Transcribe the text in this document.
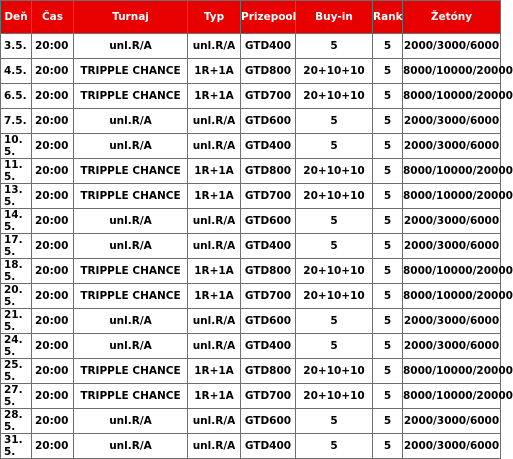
Deň	Čas	Turnaj	Typ	Prizepool	Buy-in	Rank	Žetóny
3.5.	20:00	unl.R/A	unl.R/A	GTD400	5	5	2000/3000/6000
4.5.	20:00	TRIPPLE CHANCE	1R+1A	GTD800	20+10+10	5	8000/10000/20000
6.5.	20:00	TRIPPLE CHANCE	1R+1A	GTD700	20+10+10	5	8000/10000/20000
7.5.	20:00	unl.R/A	unl.R/A	GTD600	5	5	2000/3000/6000
10.5.	20:00	unl.R/A	unl.R/A	GTD400	5	5	2000/3000/6000
11.5.	20:00	TRIPPLE CHANCE	1R+1A	GTD800	20+10+10	5	8000/10000/20000
13.5.	20:00	TRIPPLE CHANCE	1R+1A	GTD700	20+10+10	5	8000/10000/20000
14.5.	20:00	unl.R/A	unl.R/A	GTD600	5	5	2000/3000/6000
17.5.	20:00	unl.R/A	unl.R/A	GTD400	5	5	2000/3000/6000
18.5.	20:00	TRIPPLE CHANCE	1R+1A	GTD800	20+10+10	5	8000/10000/20000
20.5.	20:00	TRIPPLE CHANCE	1R+1A	GTD700	20+10+10	5	8000/10000/20000
21.5.	20:00	unl.R/A	unl.R/A	GTD600	5	5	2000/3000/6000
24.5.	20:00	unl.R/A	unl.R/A	GTD400	5	5	2000/3000/6000
25.5.	20:00	TRIPPLE CHANCE	1R+1A	GTD800	20+10+10	5	8000/10000/20000
27.5.	20:00	TRIPPLE CHANCE	1R+1A	GTD700	20+10+10	5	8000/10000/20000
28.5.	20:00	unl.R/A	unl.R/A	GTD600	5	5	2000/3000/6000
31.5.	20:00	unl.R/A	unl.R/A	GTD400	5	5	2000/3000/6000
